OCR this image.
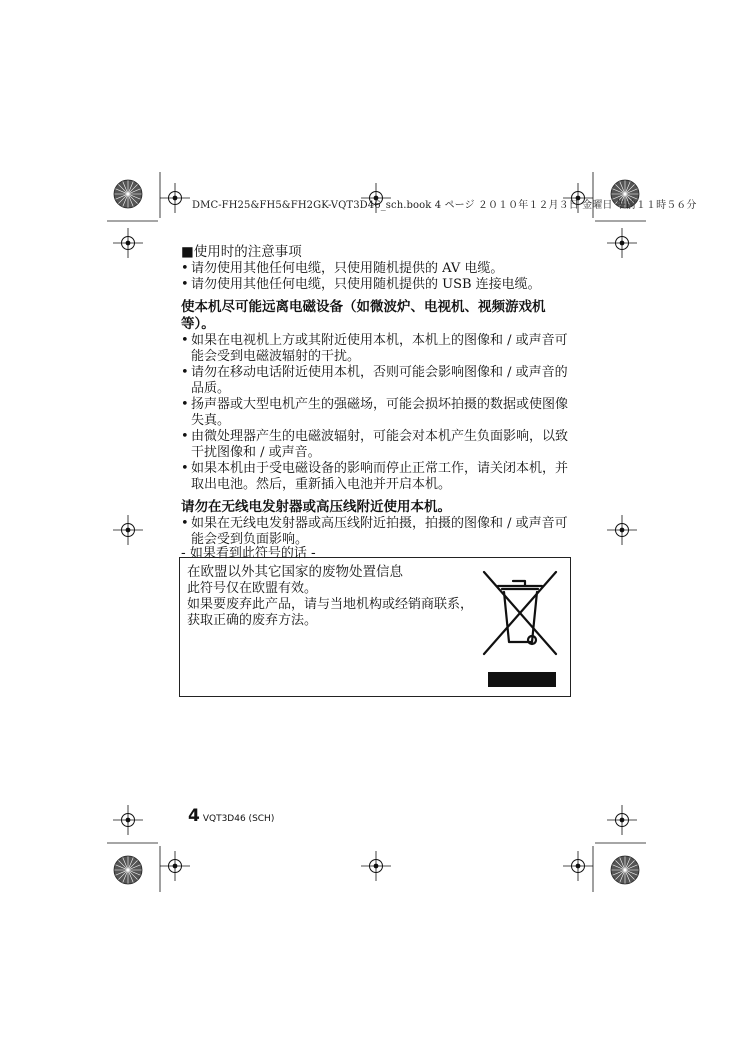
DMC-FH25&FH5&FH2GK-VQT3D46_sch.book 4 ページ ２０１０年１２月３日 金曜日 午前１１時５６分

■使用时的注意事项

• 请勿使用其他任何电缆，只使用随机提供的 AV 电缆。
• 请勿使用其他任何电缆，只使用随机提供的 USB 连接电缆。

使本机尽可能远离电磁设备（如微波炉、电视机、视频游戏机
等）。

• 如果在电视机上方或其附近使用本机，本机上的图像和 / 或声音可能会受到电磁波辐射的干扰。
• 请勿在移动电话附近使用本机，否则可能会影响图像和 / 或声音的品质。
• 扬声器或大型电机产生的强磁场，可能会损坏拍摄的数据或使图像失真。
• 由微处理器产生的电磁波辐射，可能会对本机产生负面影响，以致干扰图像和 / 或声音。
• 如果本机由于受电磁设备的影响而停止正常工作，请关闭本机，并取出电池。然后，重新插入电池并开启本机。

请勿在无线电发射器或高压线附近使用本机。

• 如果在无线电发射器或高压线附近拍摄，拍摄的图像和 / 或声音可能会受到负面影响。
- 如果看到此符号的话 -

在欧盟以外其它国家的废物处置信息

此符号仅在欧盟有效。
如果要废弃此产品，请与当地机构或经销商联系，获取正确的废弃方法。
4 VQT3D46 (SCH)
